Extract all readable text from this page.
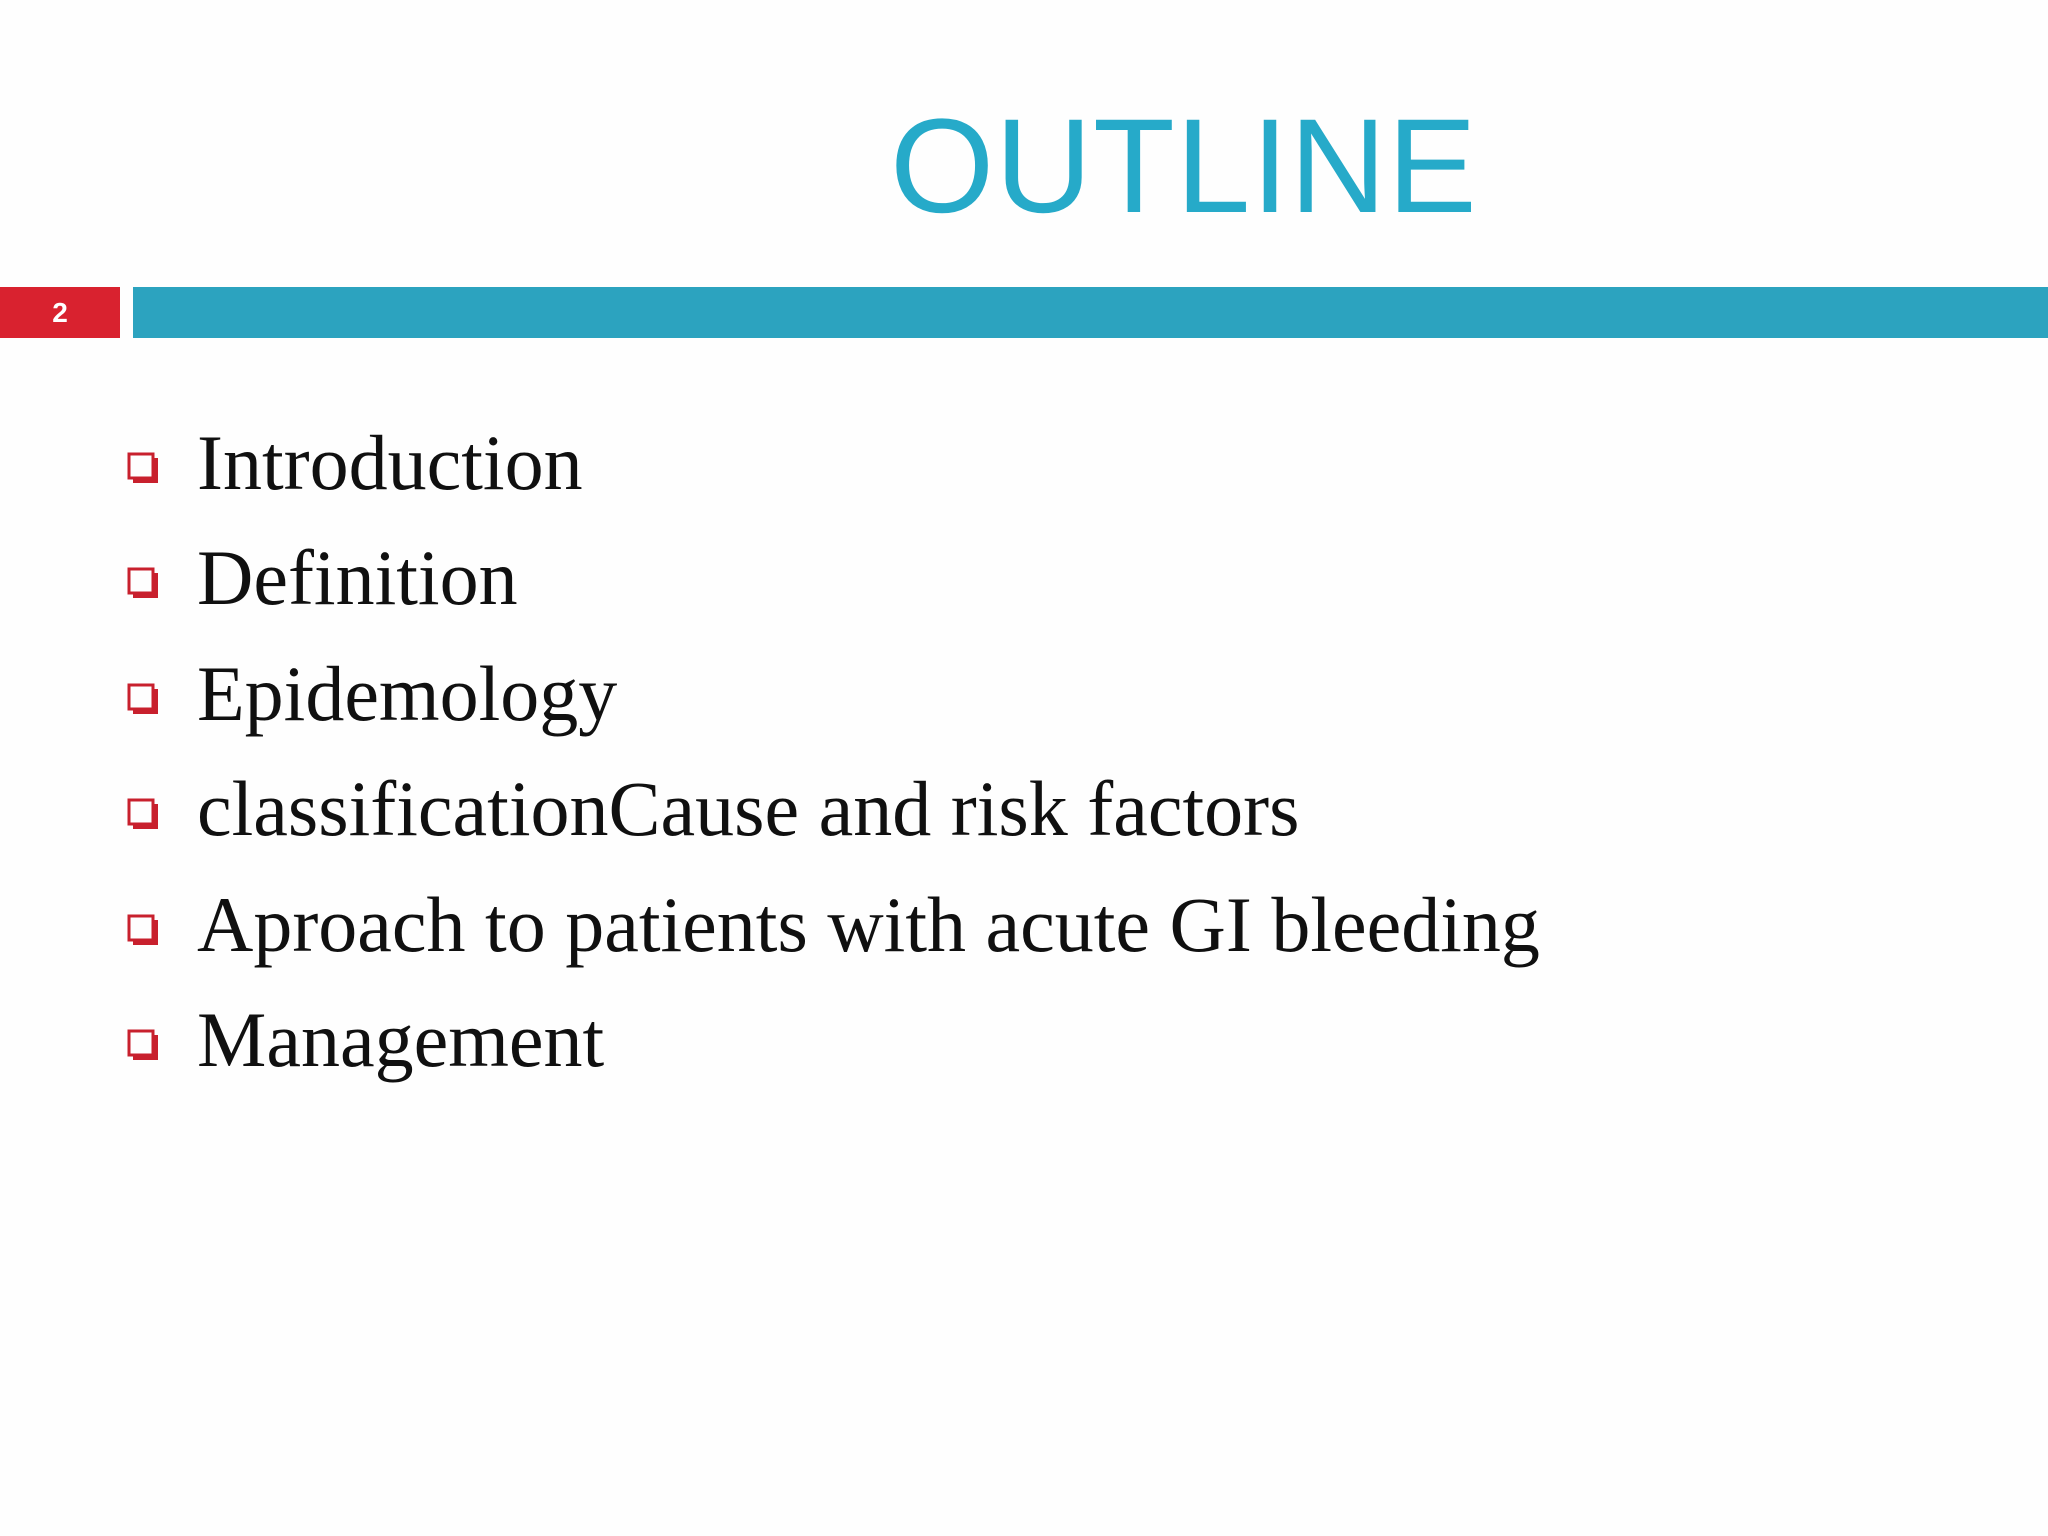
OUTLINE
2
Introduction
Definition
Epidemology
classificationCause and risk factors
Aproach to patients with acute GI bleeding
Management
